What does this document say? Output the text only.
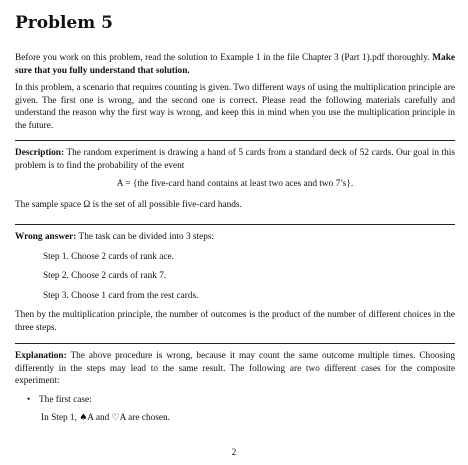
Problem 5

Before you work on this problem, read the solution to Example 1 in the file Chapter 3 (Part 1).pdf thoroughly. Make sure that you fully understand that solution.

In this problem, a scenario that requires counting is given. Two different ways of using the multiplication principle are given. The first one is wrong, and the second one is correct. Please read the following materials carefully and understand the reason why the first way is wrong, and keep this in mind when you use the multiplication principle in the future.

Description: The random experiment is drawing a hand of 5 cards from a standard deck of 52 cards. Our goal in this problem is to find the probability of the event

A = {the five-card hand contains at least two aces and two 7’s}.

The sample space Ω is the set of all possible five-card hands.

Wrong answer: The task can be divided into 3 steps:

Step 1. Choose 2 cards of rank ace.
Step 2. Choose 2 cards of rank 7.
Step 3. Choose 1 card from the rest cards.

Then by the multiplication principle, the number of outcomes is the product of the number of different choices in the three steps.

Explanation: The above procedure is wrong, because it may count the same outcome multiple times. Choosing differently in the steps may lead to the same result. The following are two different cases for the composite experiment:

• The first case:
In Step 1, ♠A and ♡A are chosen.
2
